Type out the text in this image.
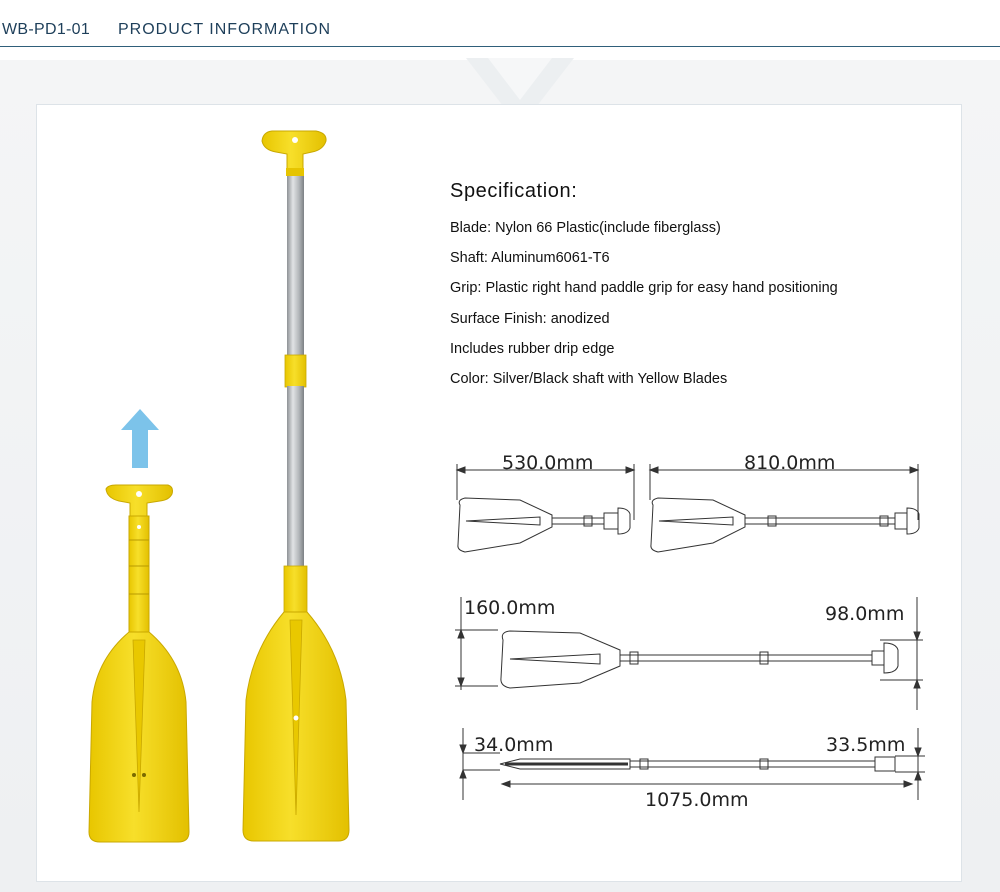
WB-PD1-01 PRODUCT INFORMATION
530.0mm	810.0mm
160.0mm	98.0mm
34.0mm	33.5mm
1075.0mm
Specification:
Blade: Nylon 66 Plastic(include fiberglass)
Shaft: Aluminum6061-T6
Grip: Plastic right hand paddle grip for easy hand positioning
Surface Finish: anodized
Includes rubber drip edge
Color: Silver/Black shaft with Yellow Blades
